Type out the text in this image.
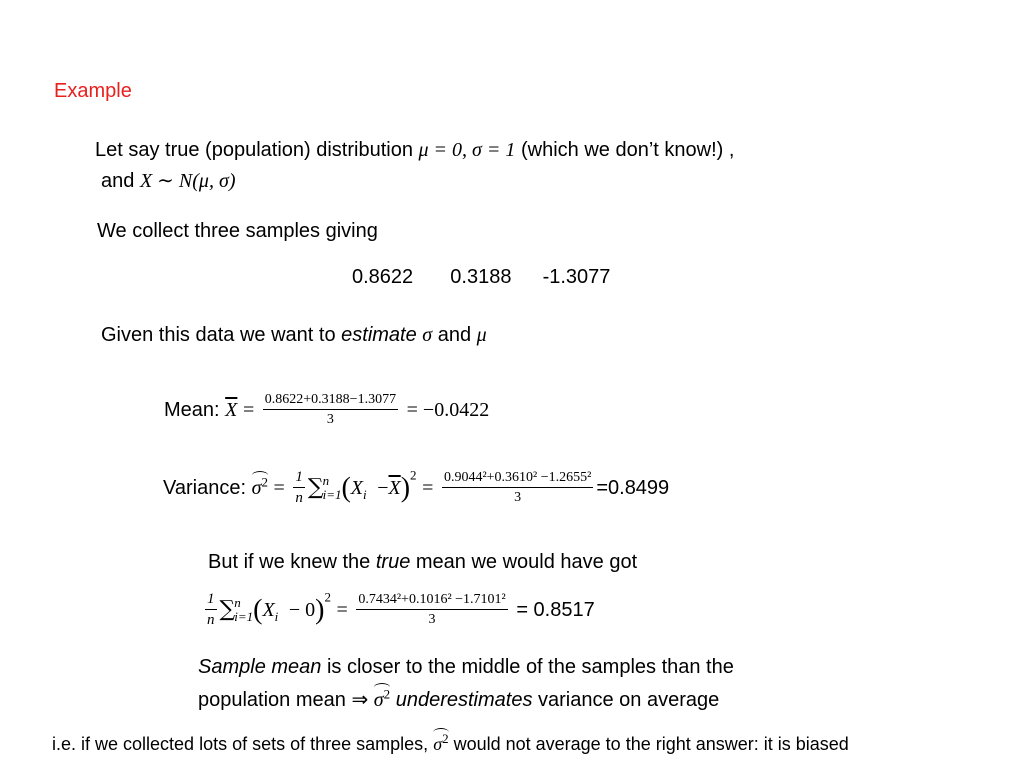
Example
Let say true (population) distribution μ = 0, σ = 1 (which we don’t know!) ,
and X ∼ N(μ, σ)
We collect three samples giving
0.8622 0.3188 -1.3077
Given this data we want to estimate σ and μ
Mean: $\overline{X} = \frac{0.8622+0.3188-1.3077}{3} = -0.0422$
Variance: $\sigma^2 = \frac{1}{n}$ ∑ n
i=1 $(X_i -\overline{X})^2 = \frac{\text{0.9044²+0.3610² −1.2655²}}{3} =0.8499$
But if we knew the true mean we would have got
$\frac{1}{n}$ ∑ n
i=1 $(X_i - 0)^2 = \frac{\text{0.7434²+0.1016² −1.7101²}}{3} = 0.8517$
Sample mean is closer to the middle of the samples than the
population mean ⇒ $\sigma^2$ underestimates variance on average
i.e. if we collected lots of sets of three samples, $\sigma^2$ would not average to the right answer: it is biased
